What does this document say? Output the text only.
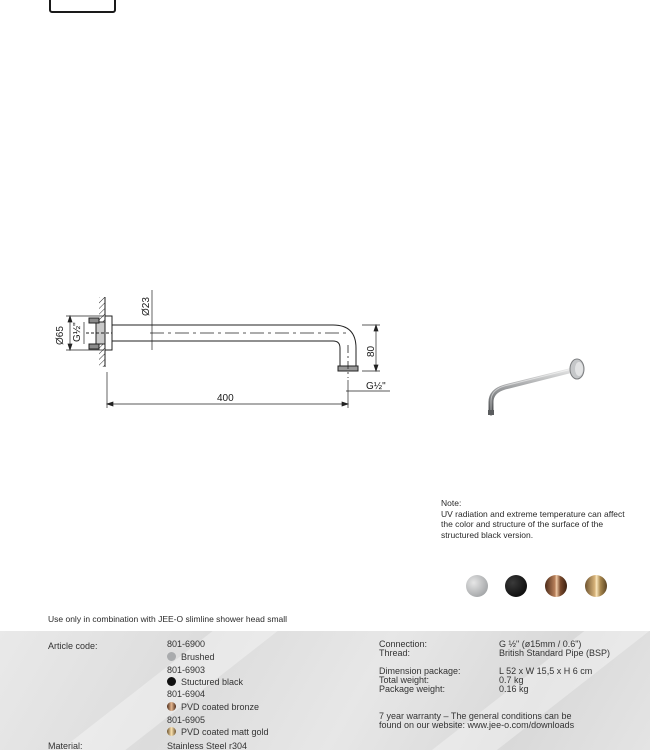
Ø65 G½"
Ø23
80
G½"
400
Note:
UV radiation and extreme temperature can affect the color and structure of the surface of the structured black version.
Use only in combination with JEE-O slimline shower head small
Article code:	801-6900
Brushed
801-6903
Stuctured black
801-6904
PVD coated bronze
801-6905
PVD coated matt gold
Material:	Stainless Steel r304
Connection:	G ½" (ø15mm / 0.6")
Thread:	British Standard Pipe (BSP)
Dimension package:	L 52 x W 15,5 x H 6 cm
Total weight:	0.7 kg
Package weight:	0.16 kg
7 year warranty – The general conditions can be
found on our website: www.jee-o.com/downloads
